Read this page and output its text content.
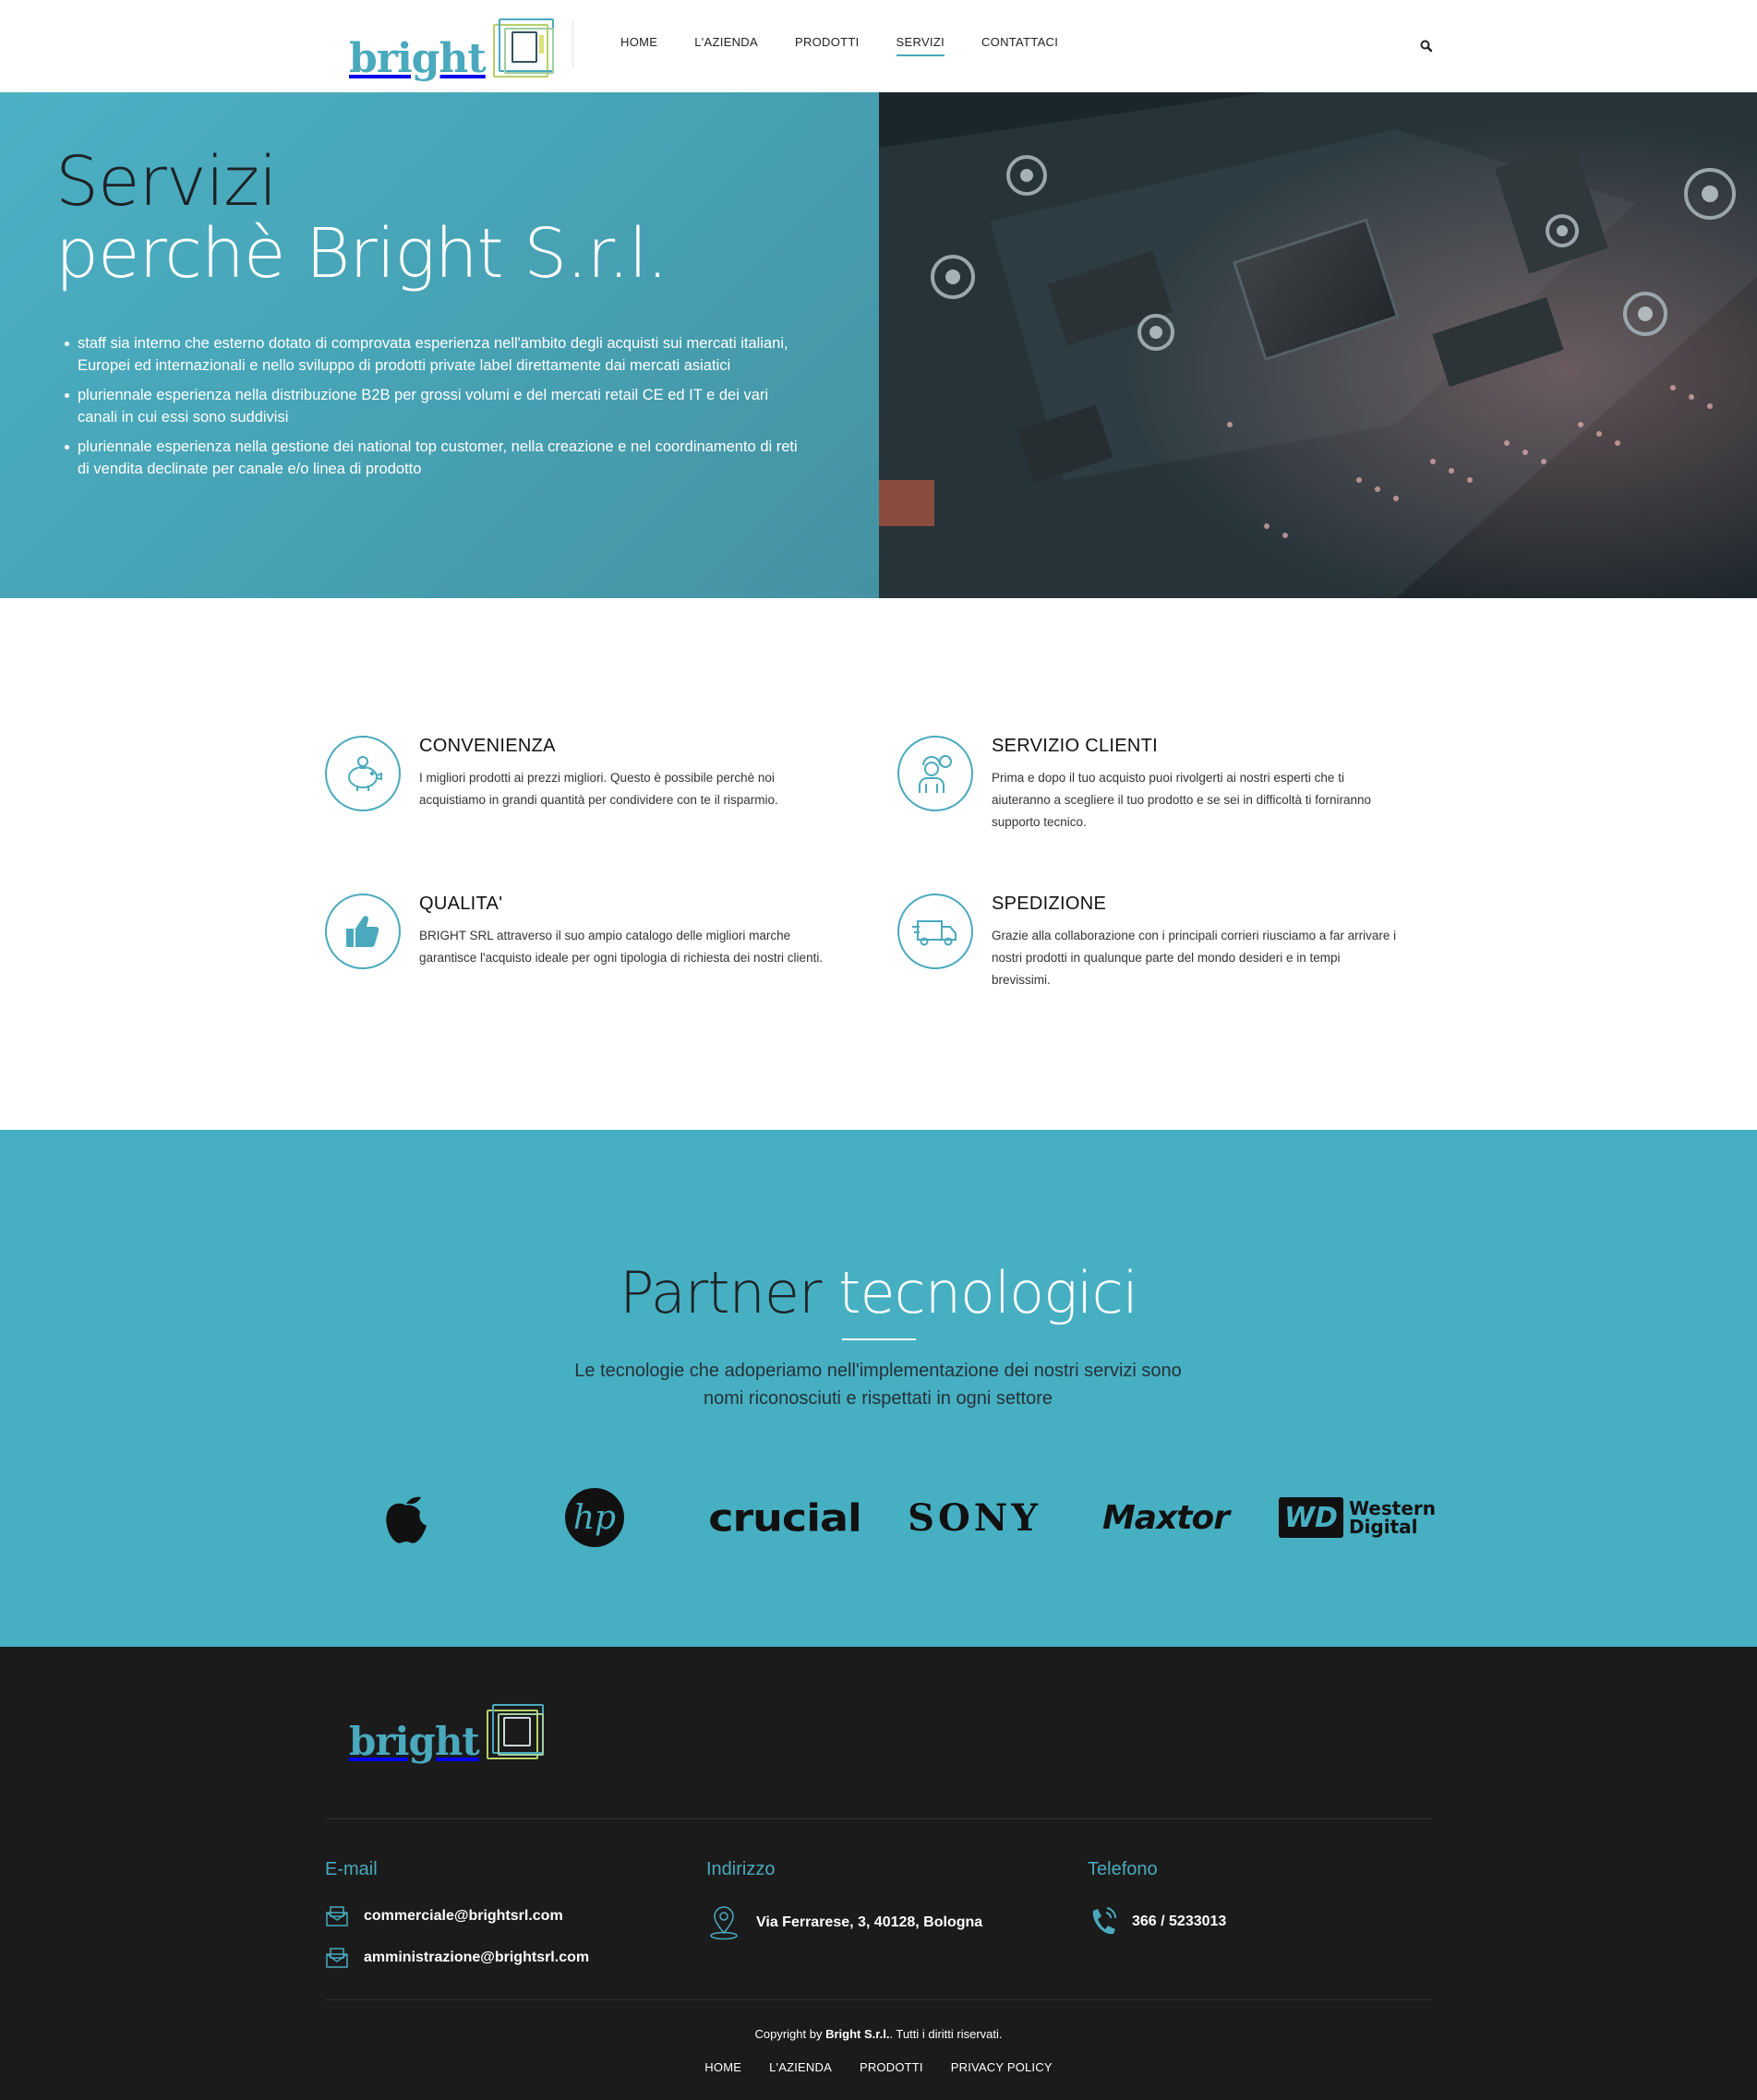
bright	HOME	L'AZIENDA	PRODOTTI	SERVIZI	CONTATTACI
Servizi
perchè Bright S.r.l.
staff sia interno che esterno dotato di comprovata esperienza nell'ambito degli acquisti sui mercati italiani, Europei ed internazionali e nello sviluppo di prodotti private label direttamente dai mercati asiatici
pluriennale esperienza nella distribuzione B2B per grossi volumi e del mercati retail CE ed IT e dei vari canali in cui essi sono suddivisi
pluriennale esperienza nella gestione dei national top customer, nella creazione e nel coordinamento di reti di vendita declinate per canale e/o linea di prodotto
CONVENIENZA
I migliori prodotti ai prezzi migliori. Questo è possibile perchè noi acquistiamo in grandi quantità per condividere con te il risparmio.
SERVIZIO CLIENTI
Prima e dopo il tuo acquisto puoi rivolgerti ai nostri esperti che ti aiuteranno a scegliere il tuo prodotto e se sei in difficoltà ti forniranno supporto tecnico.
QUALITA'
BRIGHT SRL attraverso il suo ampio catalogo delle migliori marche garantisce l'acquisto ideale per ogni tipologia di richiesta dei nostri clienti.
SPEDIZIONE
Grazie alla collaborazione con i principali corrieri riusciamo a far arrivare i nostri prodotti in qualunque parte del mondo desideri e in tempi brevissimi.
Partner tecnologici

Le tecnologie che adoperiamo nell'implementazione dei nostri servizi sono
nomi riconosciuti e rispettati in ogni settore

hp crucial SONY Maxtor WD Western
Digital
bright
E-mail
commerciale@brightsrl.com
amministrazione@brightsrl.com
Indirizzo
Via Ferrarese, 3, 40128, Bologna
Telefono
366 / 5233013
Copyright by Bright S.r.l.. Tutti i diritti riservati.
HOME L'AZIENDA PRODOTTI PRIVACY POLICY
